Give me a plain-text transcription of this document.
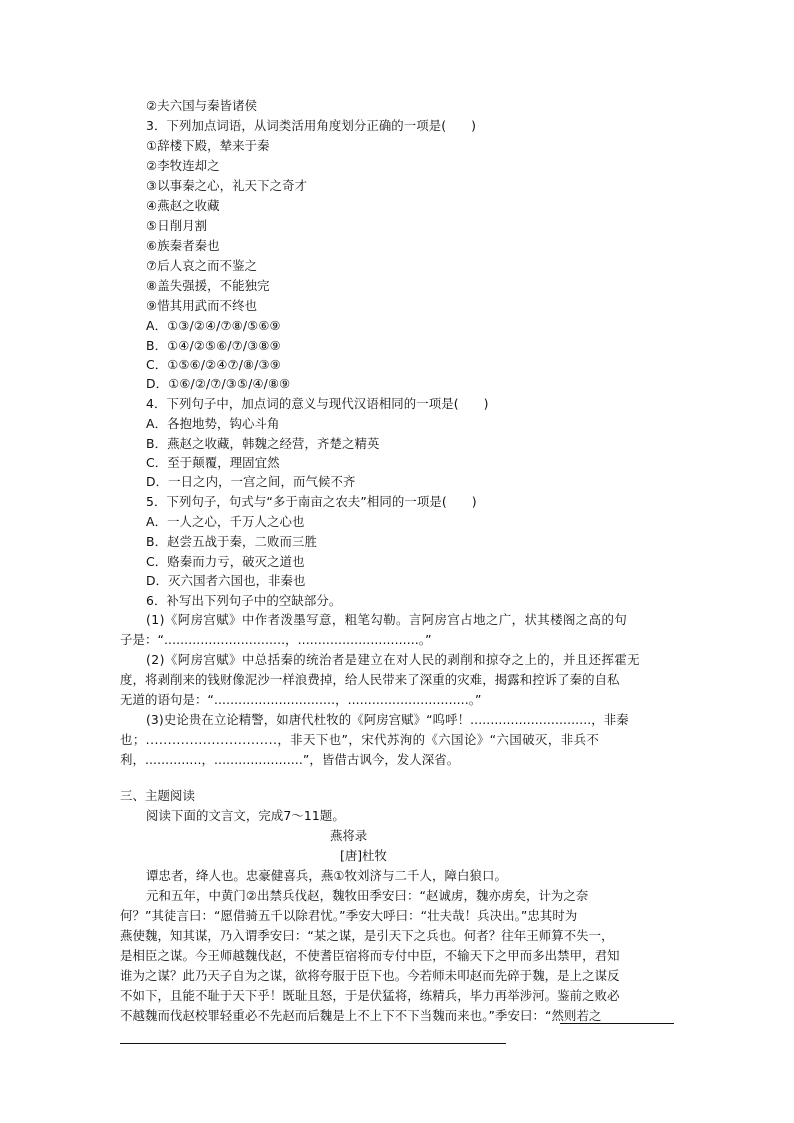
②夫六国与秦皆诸侯
3．下列加点词语，从词类活用角度划分正确的一项是(　　)
①辞楼下殿，辇来于秦
②李牧连却之
③以事秦之心，礼天下之奇才
④燕赵之收藏
⑤日削月割
⑥族秦者秦也
⑦后人哀之而不鉴之
⑧盖失强援，不能独完
⑨惜其用武而不终也
A．①③/②④/⑦⑧/⑤⑥⑨
B．①④/②⑤⑥/⑦/③⑧⑨
C．①⑤⑥/②④⑦/⑧/③⑨
D．①⑥/②/⑦/③⑤/④/⑧⑨
4．下列句子中，加点词的意义与现代汉语相同的一项是(　　)
A．各抱地势，钩心斗角
B．燕赵之收藏，韩魏之经营，齐楚之精英
C．至于颠覆，理固宜然
D．一日之内，一宫之间，而气候不齐
5．下列句子，句式与“多于南亩之农夫”相同的一项是(　　)
A．一人之心，千万人之心也
B．赵尝五战于秦，二败而三胜
C．赂秦而力亏，破灭之道也
D．灭六国者六国也，非秦也
6．补写出下列句子中的空缺部分。
(1)《阿房宫赋》中作者泼墨写意，粗笔勾勒。言阿房宫占地之广，状其楼阁之高的句
子是：“..............................，..............................。”
(2)《阿房宫赋》中总括秦的统治者是建立在对人民的剥削和掠夺之上的，并且还挥霍无
度，将剥削来的钱财像泥沙一样浪费掉，给人民带来了深重的灾难，揭露和控诉了秦的自私
无道的语句是：“..............................，..............................。”
(3)史论贵在立论精警，如唐代杜牧的《阿房宫赋》“呜呼！..............................，非秦
也；..............................，非天下也”，宋代苏洵的《六国论》“六国破灭，非兵不
利，..............，......................”，皆借古讽今，发人深省。
三、主题阅读
阅读下面的文言文，完成7～11题。
燕将录
[唐]杜牧
谭忠者，绛人也。忠豪健喜兵，燕①牧刘济与二千人，障白狼口。
元和五年，中黄门②出禁兵伐赵，魏牧田季安曰：“赵诚虏，魏亦虏矣，计为之奈
何？”其徒言曰：“愿借骑五千以除君忧。”季安大呼曰：“壮夫哉！兵决出。”忠其时为
燕使魏，知其谋，乃入谓季安曰：“某之谋，是引天下之兵也。何者？往年王师算不失一，
是相臣之谋。今王师越魏伐赵，不使耆臣宿将而专付中臣，不输天下之甲而多出禁甲，君知
谁为之谋？此乃天子自为之谋，欲将夸服于臣下也。今若师未叩赵而先碎于魏，是上之谋反
不如下，且能不耻于天下乎！既耻且怒，于是伏猛将，练精兵，毕力再举涉河。鉴前之败必
不越魏而伐赵校罪轻重必不先赵而后魏是上不上下不下当魏而来也。”季安曰：“然则若之
